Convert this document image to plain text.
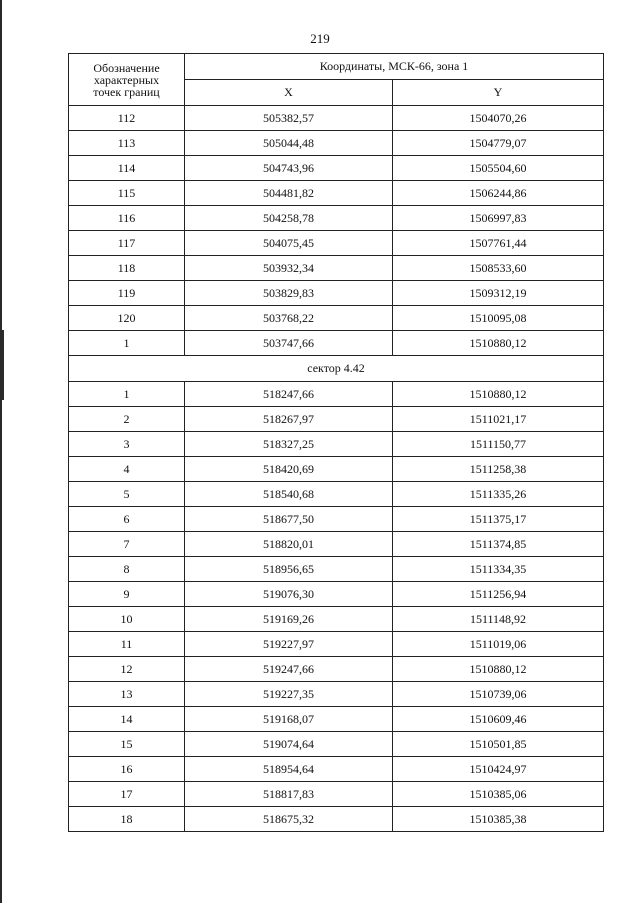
219
Обозначение
характерных
точек границ	Координаты, МСК-66, зона 1	
	X	Y
112	505382,57	1504070,26
113	505044,48	1504779,07
114	504743,96	1505504,60
115	504481,82	1506244,86
116	504258,78	1506997,83
117	504075,45	1507761,44
118	503932,34	1508533,60
119	503829,83	1509312,19
120	503768,22	1510095,08
1	503747,66	1510880,12
сектор 4.42		
1	518247,66	1510880,12
2	518267,97	1511021,17
3	518327,25	1511150,77
4	518420,69	1511258,38
5	518540,68	1511335,26
6	518677,50	1511375,17
7	518820,01	1511374,85
8	518956,65	1511334,35
9	519076,30	1511256,94
10	519169,26	1511148,92
11	519227,97	1511019,06
12	519247,66	1510880,12
13	519227,35	1510739,06
14	519168,07	1510609,46
15	519074,64	1510501,85
16	518954,64	1510424,97
17	518817,83	1510385,06
18	518675,32	1510385,38
